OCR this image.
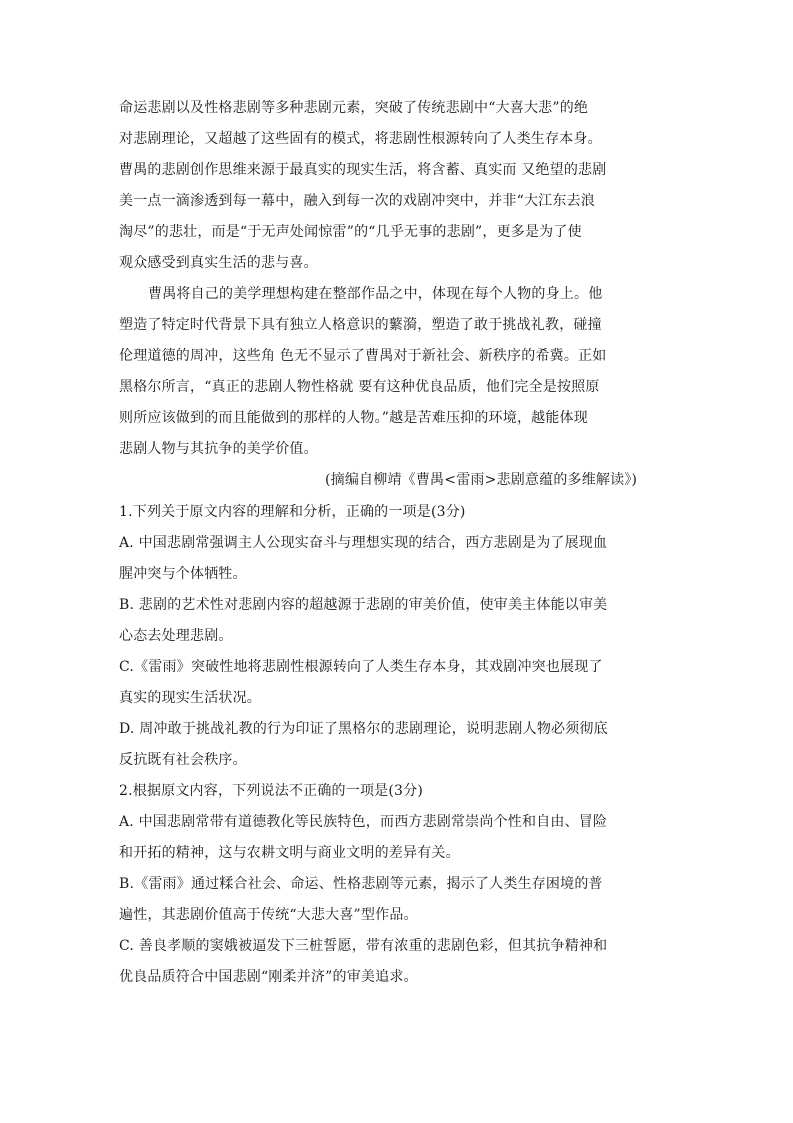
命运悲剧以及性格悲剧等多种悲剧元素，突破了传统悲剧中“大喜大悲”的绝
对悲剧理论，又超越了这些固有的模式，将悲剧性根源转向了人类生存本身。
曹禺的悲剧创作思维来源于最真实的现实生活，将含蓄、真实而 又绝望的悲剧
美一点一滴渗透到每一幕中，融入到每一次的戏剧冲突中，并非“大江东去浪
淘尽”的悲壮，而是“于无声处闻惊雷”的“几乎无事的悲剧”，更多是为了使
观众感受到真实生活的悲与喜。
曹禺将自己的美学理想构建在整部作品之中，体现在每个人物的身上。他
塑造了特定时代背景下具有独立人格意识的蘩漪，塑造了敢于挑战礼教，碰撞
伦理道德的周冲，这些角 色无不显示了曹禺对于新社会、新秩序的希冀。正如
黑格尔所言，“真正的悲剧人物性格就 要有这种优良品质，他们完全是按照原
则所应该做到的而且能做到的那样的人物。”越是苦难压抑的环境，越能体现
悲剧人物与其抗争的美学价值。
(摘编自柳靖《曹禺<雷雨>悲剧意蕴的多维解读》)
1.下列关于原文内容的理解和分析，正确的一项是(3分)
A. 中国悲剧常强调主人公现实奋斗与理想实现的结合，西方悲剧是为了展现血
腥冲突与个体牺牲。
B. 悲剧的艺术性对悲剧内容的超越源于悲剧的审美价值，使审美主体能以审美
心态去处理悲剧。
C.《雷雨》突破性地将悲剧性根源转向了人类生存本身，其戏剧冲突也展现了
真实的现实生活状况。
D. 周冲敢于挑战礼教的行为印证了黑格尔的悲剧理论，说明悲剧人物必须彻底
反抗既有社会秩序。
2.根据原文内容，下列说法不正确的一项是(3分)
A. 中国悲剧常带有道德教化等民族特色，而西方悲剧常崇尚个性和自由、冒险
和开拓的精神，这与农耕文明与商业文明的差异有关。
B.《雷雨》通过糅合社会、命运、性格悲剧等元素，揭示了人类生存困境的普
遍性，其悲剧价值高于传统“大悲大喜”型作品。
C. 善良孝顺的窦娥被逼发下三桩誓愿，带有浓重的悲剧色彩，但其抗争精神和
优良品质符合中国悲剧“刚柔并济”的审美追求。
